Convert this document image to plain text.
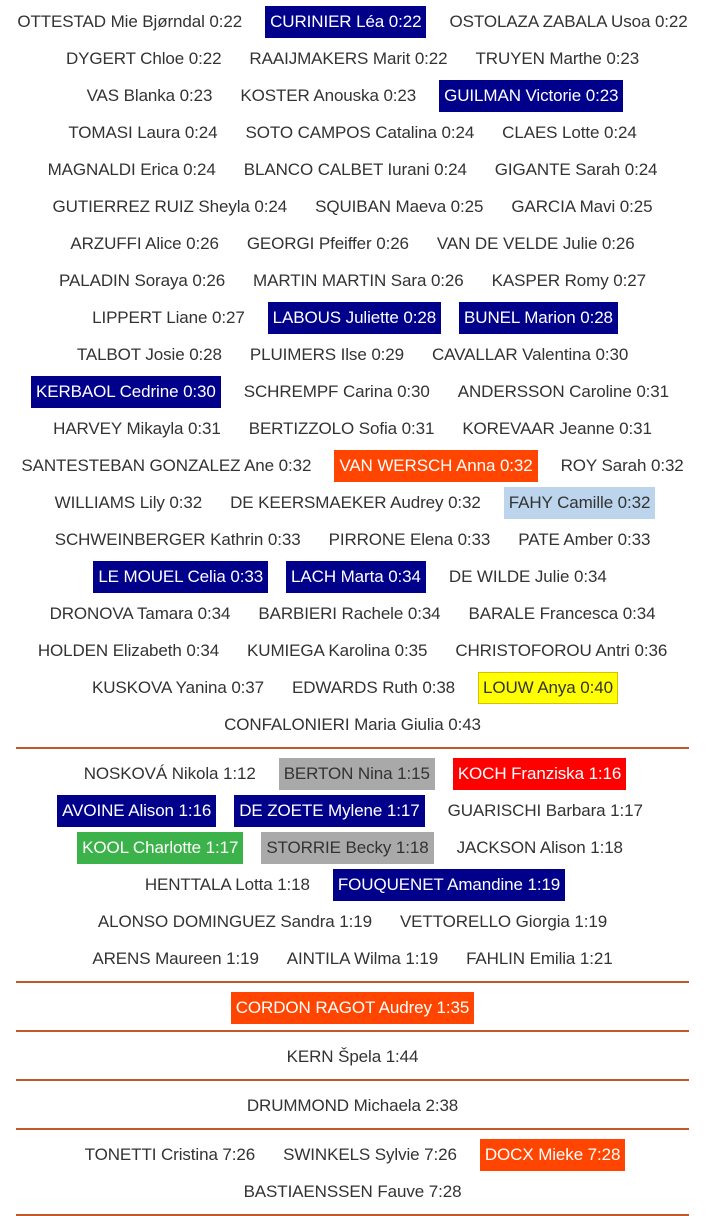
OTTESTAD Mie Bjørndal 0:22 CURINIER Léa 0:22 OSTOLAZA ZABALA Usoa 0:22
DYGERT Chloe 0:22 RAAIJMAKERS Marit 0:22 TRUYEN Marthe 0:23
VAS Blanka 0:23 KOSTER Anouska 0:23 GUILMAN Victorie 0:23
TOMASI Laura 0:24 SOTO CAMPOS Catalina 0:24 CLAES Lotte 0:24
MAGNALDI Erica 0:24 BLANCO CALBET Iurani 0:24 GIGANTE Sarah 0:24
GUTIERREZ RUIZ Sheyla 0:24 SQUIBAN Maeva 0:25 GARCIA Mavi 0:25
ARZUFFI Alice 0:26 GEORGI Pfeiffer 0:26 VAN DE VELDE Julie 0:26
PALADIN Soraya 0:26 MARTIN MARTIN Sara 0:26 KASPER Romy 0:27
LIPPERT Liane 0:27 LABOUS Juliette 0:28 BUNEL Marion 0:28
TALBOT Josie 0:28 PLUIMERS Ilse 0:29 CAVALLAR Valentina 0:30
KERBAOL Cedrine 0:30 SCHREMPF Carina 0:30 ANDERSSON Caroline 0:31
HARVEY Mikayla 0:31 BERTIZZOLO Sofia 0:31 KOREVAAR Jeanne 0:31
SANTESTEBAN GONZALEZ Ane 0:32 VAN WERSCH Anna 0:32 ROY Sarah 0:32
WILLIAMS Lily 0:32 DE KEERSMAEKER Audrey 0:32 FAHY Camille 0:32
SCHWEINBERGER Kathrin 0:33 PIRRONE Elena 0:33 PATE Amber 0:33
LE MOUEL Celia 0:33 LACH Marta 0:34 DE WILDE Julie 0:34
DRONOVA Tamara 0:34 BARBIERI Rachele 0:34 BARALE Francesca 0:34
HOLDEN Elizabeth 0:34 KUMIEGA Karolina 0:35 CHRISTOFOROU Antri 0:36
KUSKOVA Yanina 0:37 EDWARDS Ruth 0:38 LOUW Anya 0:40
CONFALONIERI Maria Giulia 0:43
NOSKOVÁ Nikola 1:12 BERTON Nina 1:15 KOCH Franziska 1:16
AVOINE Alison 1:16 DE ZOETE Mylene 1:17 GUARISCHI Barbara 1:17
KOOL Charlotte 1:17 STORRIE Becky 1:18 JACKSON Alison 1:18
HENTTALA Lotta 1:18 FOUQUENET Amandine 1:19
ALONSO DOMINGUEZ Sandra 1:19 VETTORELLO Giorgia 1:19
ARENS Maureen 1:19 AINTILA Wilma 1:19 FAHLIN Emilia 1:21
CORDON RAGOT Audrey 1:35
KERN Špela 1:44
DRUMMOND Michaela 2:38
TONETTI Cristina 7:26 SWINKELS Sylvie 7:26 DOCX Mieke 7:28
BASTIAENSSEN Fauve 7:28
